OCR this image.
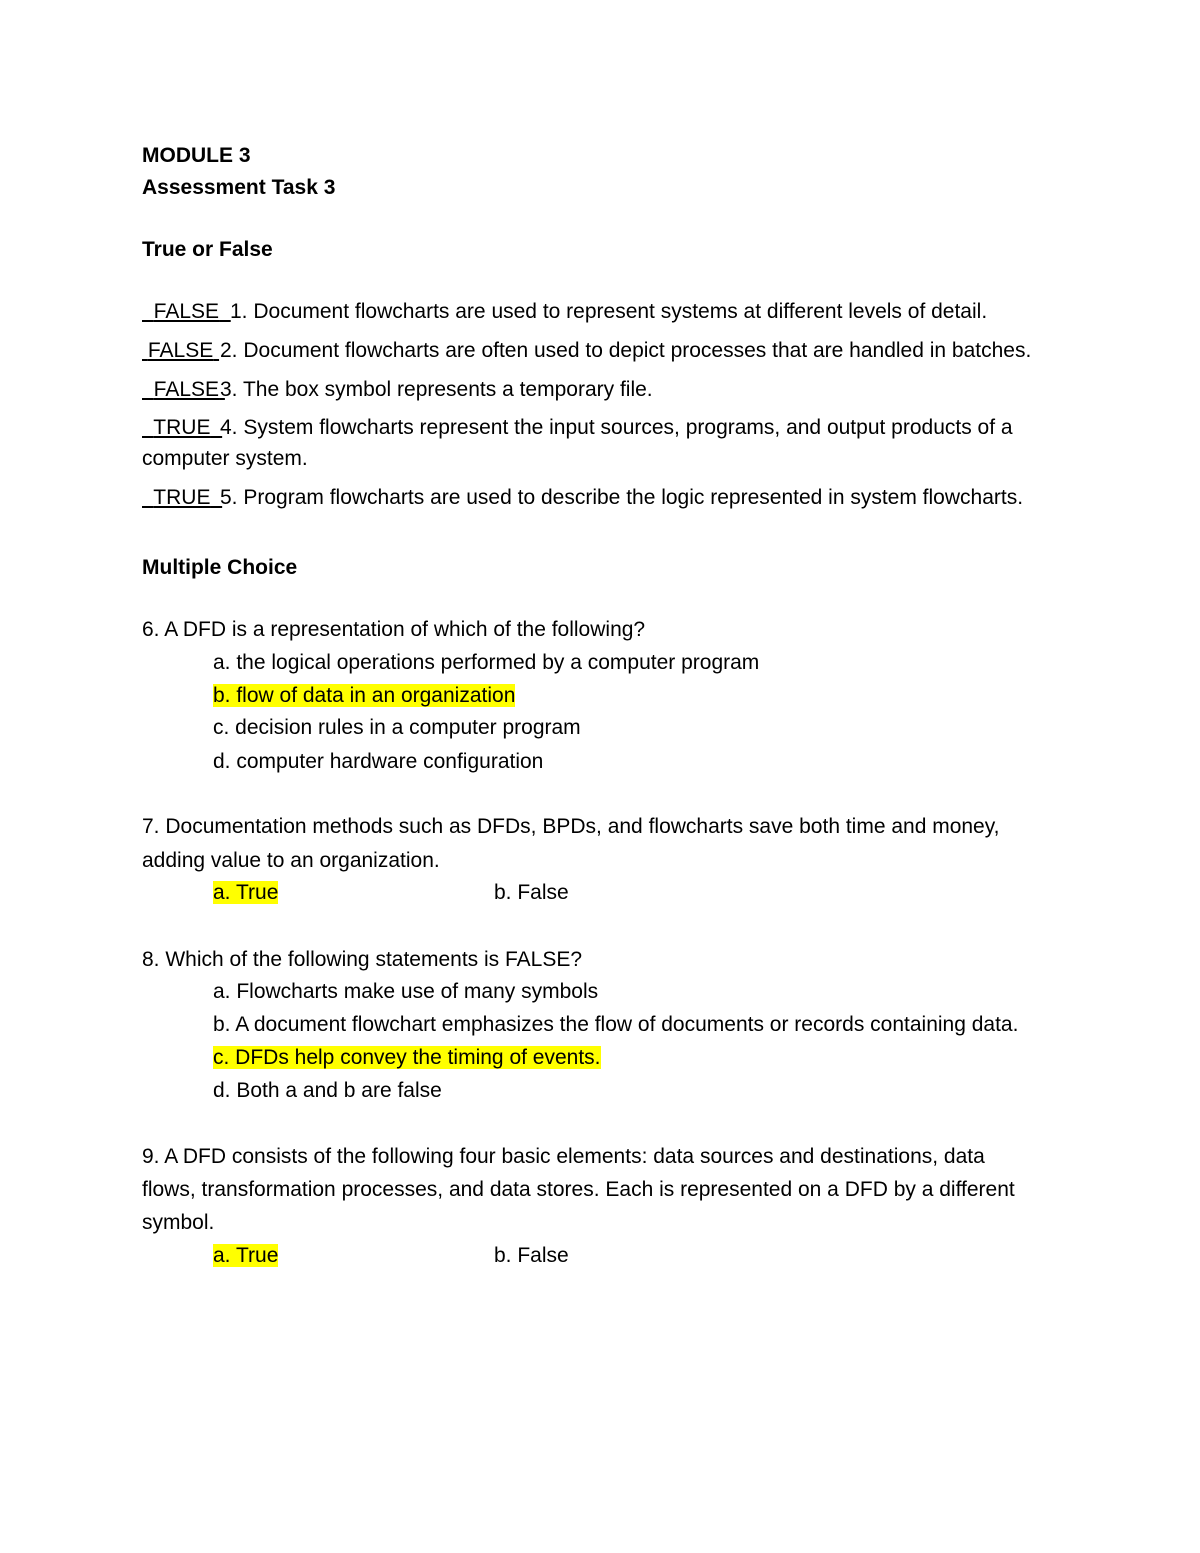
MODULE 3
Assessment Task 3
True or False
FALSE 1. Document flowcharts are used to represent systems at different levels of detail.
FALSE 2. Document flowcharts are often used to depict processes that are handled in batches.
FALSE 3. The box symbol represents a temporary file.
TRUE 4. System flowcharts represent the input sources, programs, and output products of a
computer system.
TRUE 5. Program flowcharts are used to describe the logic represented in system flowcharts.
Multiple Choice
6. A DFD is a representation of which of the following?
a. the logical operations performed by a computer program
b. flow of data in an organization
c. decision rules in a computer program
d. computer hardware configuration
7. Documentation methods such as DFDs, BPDs, and flowcharts save both time and money,
adding value to an organization.
a. True	b. False
8. Which of the following statements is FALSE?
a. Flowcharts make use of many symbols
b. A document flowchart emphasizes the flow of documents or records containing data.
c. DFDs help convey the timing of events.
d. Both a and b are false
9. A DFD consists of the following four basic elements: data sources and destinations, data
flows, transformation processes, and data stores. Each is represented on a DFD by a different
symbol.
a. True	b. False
